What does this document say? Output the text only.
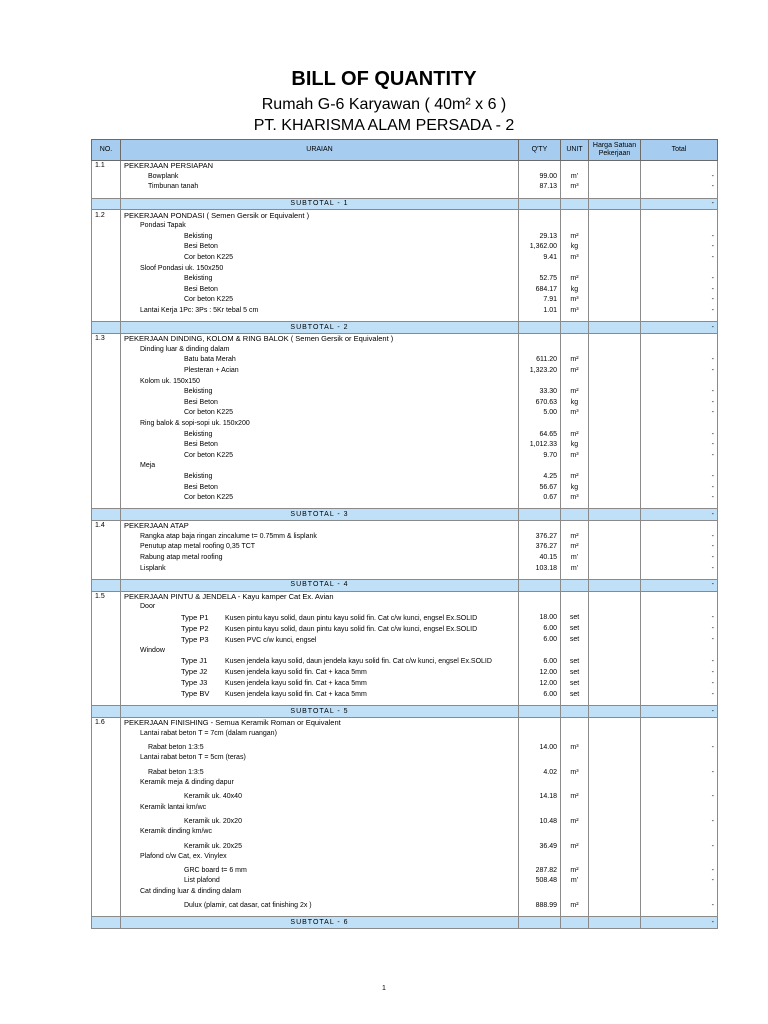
BILL OF QUANTITY
Rumah G-6 Karyawan ( 40m² x 6 )
PT. KHARISMA ALAM PERSADA - 2
NO.	URAIAN	Q'TY	UNIT	Harga Satuan Pekerjaan	Total
1.1	PEKERJAAN PERSIAPAN				
	Bowplank	99.00	m'		-
	Timbunan tanah	87.13	m³		-

	SUBTOTAL - 1				-
1.2	PEKERJAAN PONDASI ( Semen Gersik or Equivalent )				
	Pondasi Tapak				
	Bekisting	29.13	m²		-
	Besi Beton	1,362.00	kg		-
	Cor beton K225	9.41	m³		-
	Sloof Pondasi uk. 150x250				
	Bekisting	52.75	m²		-
	Besi Beton	684.17	kg		-
	Cor beton K225	7.91	m³		-
	Lantai Kerja 1Pc: 3Ps : 5Kr tebal 5 cm	1.01	m³		-

	SUBTOTAL - 2				-
1.3	PEKERJAAN DINDING, KOLOM & RING BALOK ( Semen Gersik or Equivalent )				
	Dinding luar & dinding dalam				
	Batu bata Merah	611.20	m²		-
	Plesteran + Acian	1,323.20	m²		-
	Kolom uk. 150x150				
	Bekisting	33.30	m²		-
	Besi Beton	670.63	kg		-
	Cor beton K225	5.00	m³		-
	Ring balok & sopi-sopi uk. 150x200				
	Bekisting	64.65	m²		-
	Besi Beton	1,012.33	kg		-
	Cor beton K225	9.70	m³		-
	Meja				
	Bekisting	4.25	m²		-
	Besi Beton	56.67	kg		-
	Cor beton K225	0.67	m³		-

	SUBTOTAL - 3				-
1.4	PEKERJAAN ATAP				
	Rangka atap baja ringan zincalume t= 0.75mm & lisplank	376.27	m²		-
	Penutup atap metal roofing 0,35 TCT	376.27	m²		-
	Rabung atap metal roofing	40.15	m'		-
	Lisplank	103.18	m'		-

	SUBTOTAL - 4				-
1.5	PEKERJAAN PINTU & JENDELA - Kayu kamper Cat Ex. Avian				
	Door				
	Type P1 Kusen pintu kayu solid, daun pintu kayu solid fin. Cat c/w kunci, engsel Ex.SOLID	18.00	set		-
	Type P2 Kusen pintu kayu solid, daun pintu kayu solid fin. Cat c/w kunci, engsel Ex.SOLID	6.00	set		-
	Type P3 Kusen PVC c/w kunci, engsel	6.00	set		-
	Window				
	Type J1 Kusen jendela kayu solid, daun jendela kayu solid fin. Cat c/w kunci, engsel Ex.SOLID	6.00	set		-
	Type J2 Kusen jendela kayu solid fin. Cat + kaca 5mm	12.00	set		-
	Type J3 Kusen jendela kayu solid fin. Cat + kaca 5mm	12.00	set		-
	Type BV Kusen jendela kayu solid fin. Cat + kaca 5mm	6.00	set		-

	SUBTOTAL - 5				-
1.6	PEKERJAAN FINISHING - Semua Keramik Roman or Equivalent				
	Lantai rabat beton T = 7cm (dalam ruangan)				
	Rabat beton 1:3:5	14.00	m³		-
	Lantai rabat beton T = 5cm (teras)				
	Rabat beton 1:3:5	4.02	m³		-
	Keramik meja & dinding dapur				
	Keramik uk. 40x40	14.18	m²		-
	Keramik lantai km/wc				
	Keramik uk. 20x20	10.48	m²		-
	Keramik dinding km/wc				
	Keramik uk. 20x25	36.49	m²		-
	Plafond c/w Cat, ex. Vinylex				
	GRC board t= 6 mm	287.82	m²		-
	List plafond	508.48	m'		-
	Cat dinding luar & dinding dalam				
	Dulux (plamir, cat dasar, cat finishing 2x )	888.99	m²		-

	SUBTOTAL - 6				-
1
